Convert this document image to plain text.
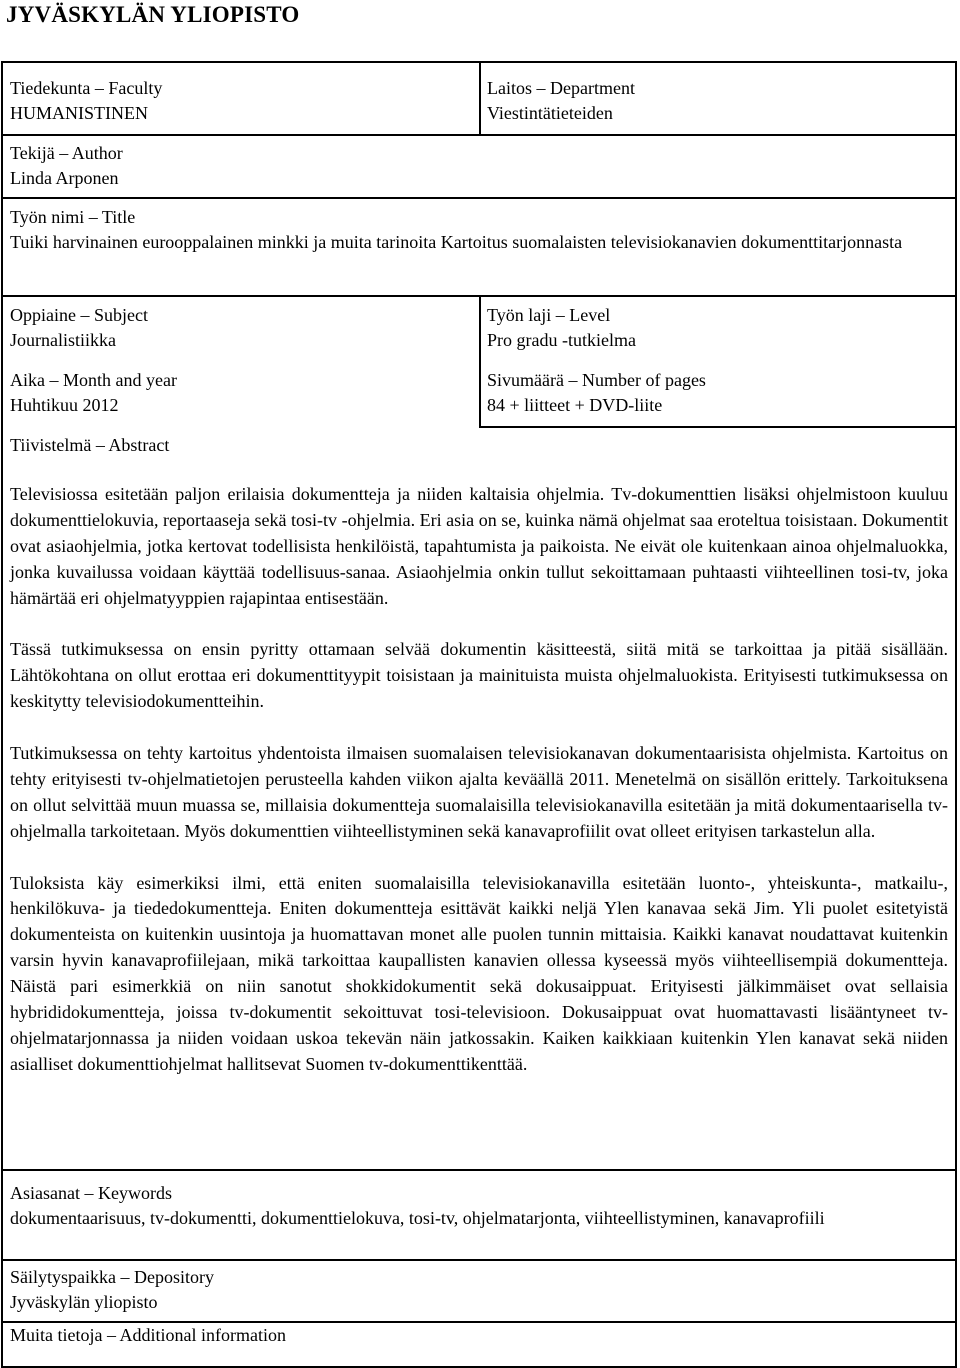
JYVÄSKYLÄN YLIOPISTO
Tiedekunta – Faculty
HUMANISTINEN
Laitos – Department
Viestintätieteiden
Tekijä – Author
Linda Arponen
Työn nimi – Title
Tuiki harvinainen eurooppalainen minkki ja muita tarinoita Kartoitus suomalaisten televisiokanavien dokumenttitarjonnasta
Oppiaine – Subject
Journalistiikka
Työn laji – Level
Pro gradu -tutkielma
Aika – Month and year
Huhtikuu 2012
Sivumäärä – Number of pages
84 + liitteet + DVD-liite
Tiivistelmä – Abstract

Televisiossa esitetään paljon erilaisia dokumentteja ja niiden kaltaisia ohjelmia. Tv-dokumenttien lisäksi ohjelmistoon kuuluu dokumenttielokuvia, reportaaseja sekä tosi-tv -ohjelmia. Eri asia on se, kuinka nämä ohjelmat saa eroteltua toisistaan. Dokumentit ovat asiaohjelmia, jotka kertovat todellisista henkilöistä, tapahtumista ja paikoista. Ne eivät ole kuitenkaan ainoa ohjelmaluokka, jonka kuvailussa voidaan käyttää todellisuus-sanaa. Asiaohjelmia onkin tullut sekoittamaan puhtaasti viihteellinen tosi-tv, joka hämärtää eri ohjelmatyyppien rajapintaa entisestään.

Tässä tutkimuksessa on ensin pyritty ottamaan selvää dokumentin käsitteestä, siitä mitä se tarkoittaa ja pitää sisällään. Lähtökohtana on ollut erottaa eri dokumenttityypit toisistaan ja mainituista muista ohjelmaluokista. Erityisesti tutkimuksessa on keskitytty televisiodokumentteihin.

Tutkimuksessa on tehty kartoitus yhdentoista ilmaisen suomalaisen televisiokanavan dokumentaarisista ohjelmista. Kartoitus on tehty erityisesti tv-ohjelmatietojen perusteella kahden viikon ajalta keväällä 2011. Menetelmä on sisällön erittely. Tarkoituksena on ollut selvittää muun muassa se, millaisia dokumentteja suomalaisilla televisiokanavilla esitetään ja mitä dokumentaarisella tv-ohjelmalla tarkoitetaan. Myös dokumenttien viihteellistyminen sekä kanavaprofiilit ovat olleet erityisen tarkastelun alla.

Tuloksista käy esimerkiksi ilmi, että eniten suomalaisilla televisiokanavilla esitetään luonto-, yhteiskunta-, matkailu-, henkilökuva- ja tiededokumentteja. Eniten dokumentteja esittävät kaikki neljä Ylen kanavaa sekä Jim. Yli puolet esitetyistä dokumenteista on kuitenkin uusintoja ja huomattavan monet alle puolen tunnin mittaisia. Kaikki kanavat noudattavat kuitenkin varsin hyvin kanavaprofiilejaan, mikä tarkoittaa kaupallisten kanavien ollessa kyseessä myös viihteellisempiä dokumentteja. Näistä pari esimerkkiä on niin sanotut shokkidokumentit sekä dokusaippuat. Erityisesti jälkimmäiset ovat sellaisia hybrididokumentteja, joissa tv-dokumentit sekoittuvat tosi-televisioon. Dokusaippuat ovat huomattavasti lisääntyneet tv-ohjelmatarjonnassa ja niiden voidaan uskoa tekevän näin jatkossakin. Kaiken kaikkiaan kuitenkin Ylen kanavat sekä niiden asialliset dokumenttiohjelmat hallitsevat Suomen tv-dokumenttikenttää.

Asiasanat – Keywords
dokumentaarisuus, tv-dokumentti, dokumenttielokuva, tosi-tv, ohjelmatarjonta, viihteellistyminen, kanavaprofiili
Säilytyspaikka – Depository
Jyväskylän yliopisto
Muita tietoja – Additional information
